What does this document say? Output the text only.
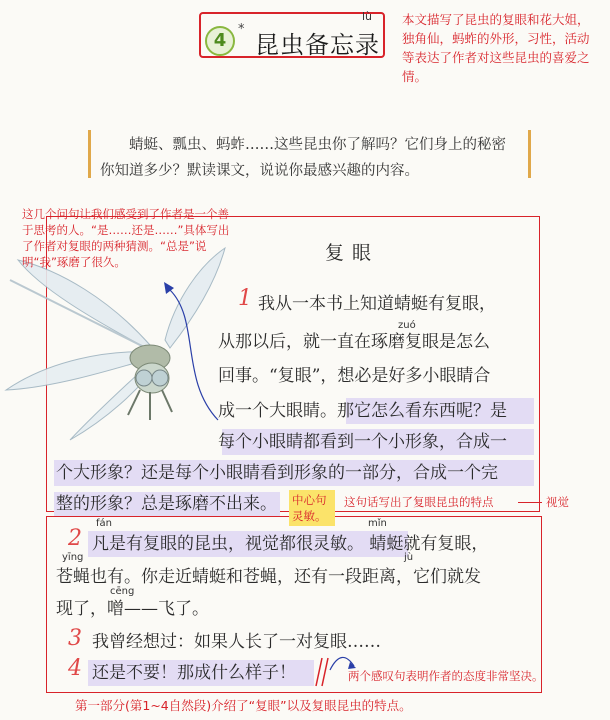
4
*
昆虫备忘录
lù 本文描写了昆虫的复眼和花大姐，独角仙，蚂蚱的外形，习性，活动等表达了作者对这些昆虫的喜爱之情。
蜻蜓、瓢虫、蚂蚱……这些昆虫你了解吗？它们身上的秘密你知道多少？默读课文，说说你最感兴趣的内容。
这几个问句让我们感受到了作者是一个善于思考的人。“是……还是……”具体写出了作者对复眼的两种猜测。“总是”说明“我”琢磨了很久。	复眼
1
zuó
我从一本书上知道蜻蜓有复眼，
从那以后，就一直在琢磨复眼是怎么
回事。“复眼”，想必是好多小眼睛合
成一个大眼睛。那它怎么看东西呢？是
每个小眼睛都看到一个小形象，合成一
个大形象？还是每个小眼睛看到形象的一部分，合成一个完
整的形象？总是琢磨不出来。 中心句
灵敏。
这句话写出了复眼昆虫的特点	视觉
fán	mǐn
yīng	jù
cēng
2 凡是有复眼的昆虫，视觉都很灵敏。 蜻蜓就有复眼，
苍蝇也有。你走近蜻蜓和苍蝇，还有一段距离，它们就发
现了，噌——飞了。
3 我曾经想过：如果人长了一对复眼……
4 还是不要！那成什么样子！	两个感叹句表明作者的态度非常坚决。
第一部分(第1~4自然段)介绍了“复眼”以及复眼昆虫的特点。
